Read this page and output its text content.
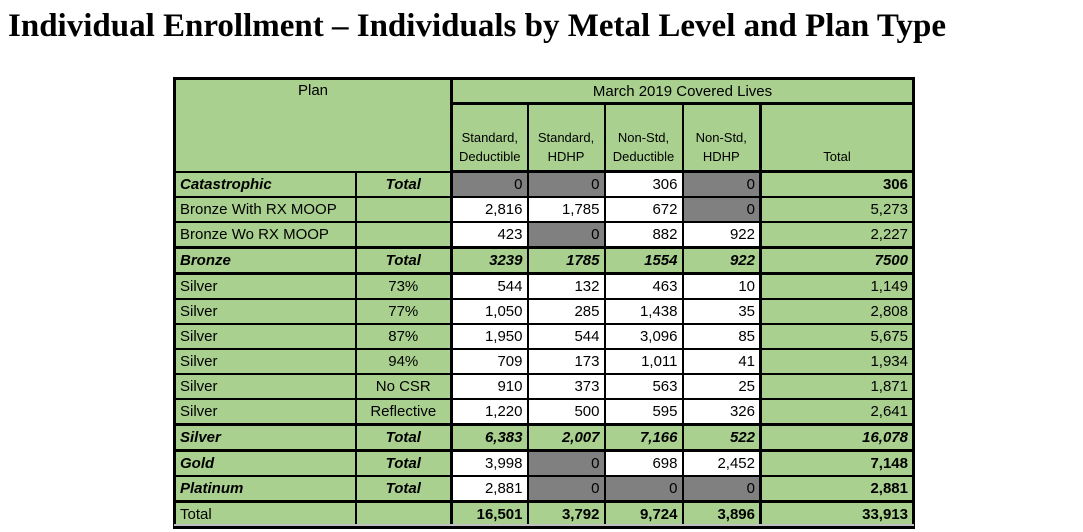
Individual Enrollment – Individuals by Metal Level and Plan Type
Plan		March 2019 Covered Lives				
		Standard, Deductible	Standard, HDHP	Non-Std, Deductible	Non-Std, HDHP	Total
Catastrophic	Total	0	0	306	0	306
Bronze With RX MOOP		2,816	1,785	672	0	5,273
Bronze Wo RX MOOP		423	0	882	922	2,227
Bronze	Total	3239	1785	1554	922	7500
Silver	73%	544	132	463	10	1,149
Silver	77%	1,050	285	1,438	35	2,808
Silver	87%	1,950	544	3,096	85	5,675
Silver	94%	709	173	1,011	41	1,934
Silver	No CSR	910	373	563	25	1,871
Silver	Reflective	1,220	500	595	326	2,641
Silver	Total	6,383	2,007	7,166	522	16,078
Gold	Total	3,998	0	698	2,452	7,148
Platinum	Total	2,881	0	0	0	2,881
Total		16,501	3,792	9,724	3,896	33,913
